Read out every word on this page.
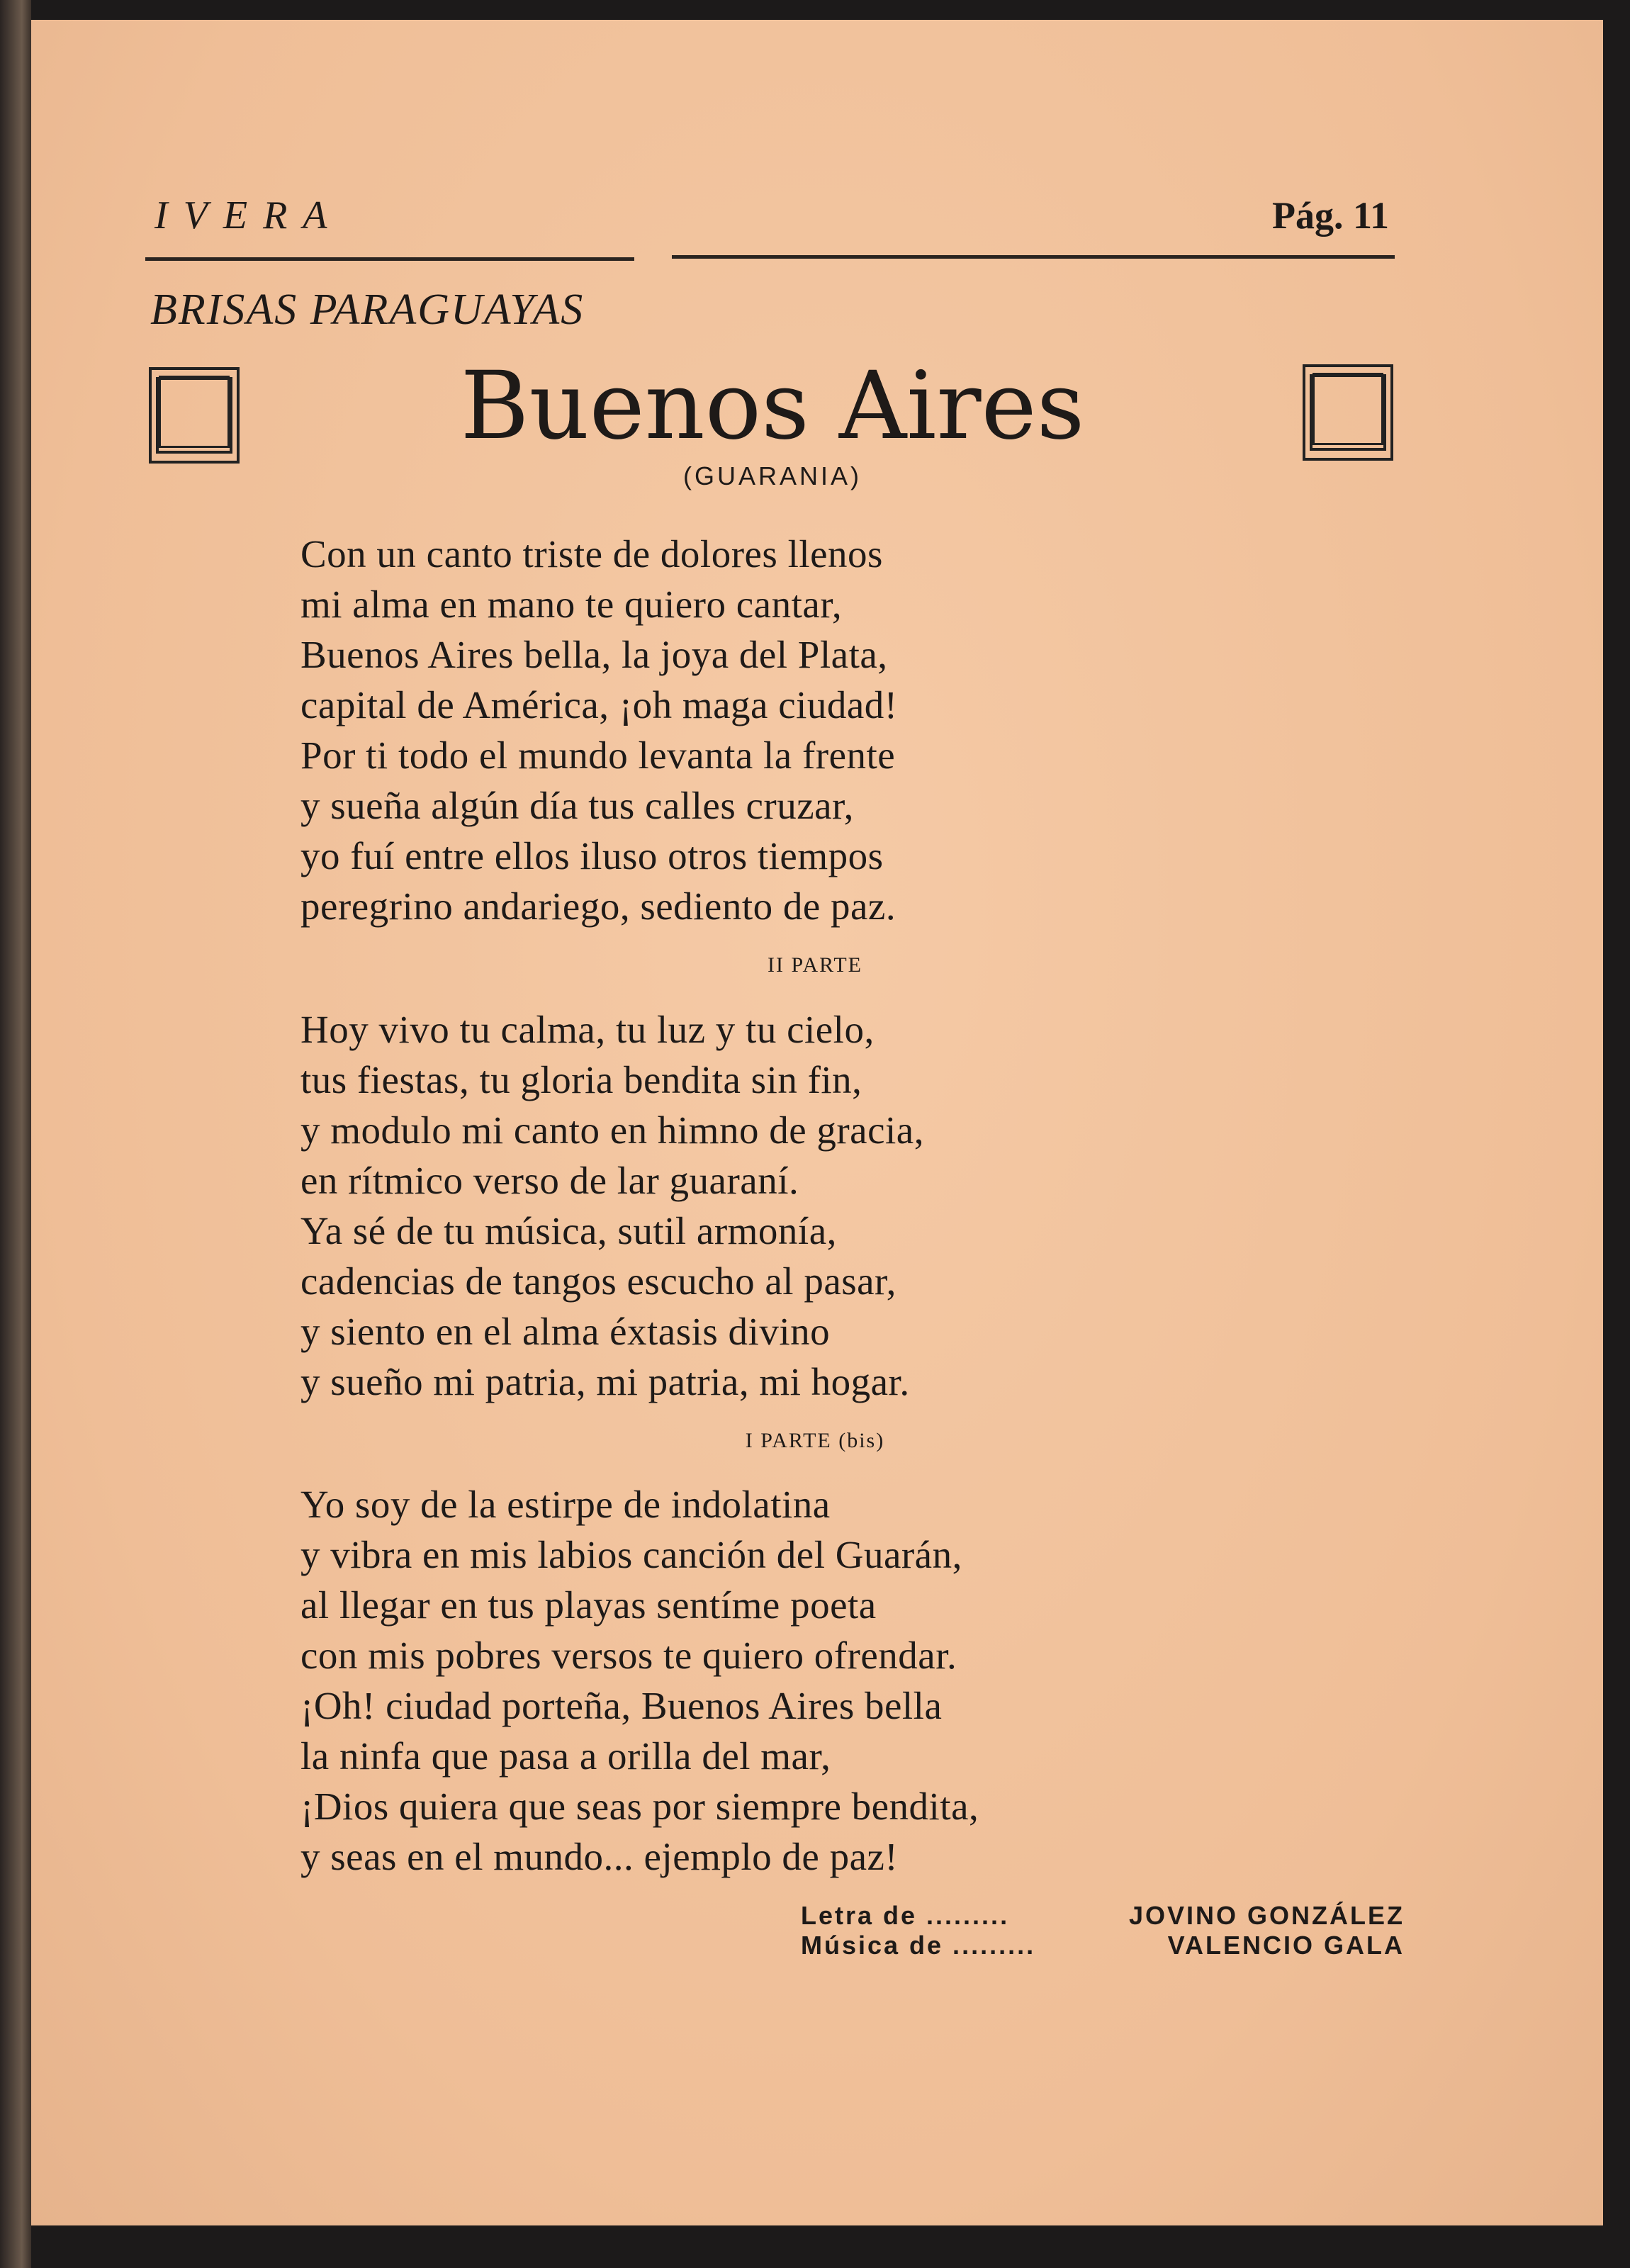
IVERA	Pág. 11
BRISAS PARAGUAYAS
Buenos Aires
(GUARANIA)
Con un canto triste de dolores llenos
mi alma en mano te quiero cantar,
Buenos Aires bella, la joya del Plata,
capital de América, ¡oh maga ciudad!
Por ti todo el mundo levanta la frente
y sueña algún día tus calles cruzar,
yo fuí entre ellos iluso otros tiempos
peregrino andariego, sediento de paz.
II PARTE
Hoy vivo tu calma, tu luz y tu cielo,
tus fiestas, tu gloria bendita sin fin,
y modulo mi canto en himno de gracia,
en rítmico verso de lar guaraní.
Ya sé de tu música, sutil armonía,
cadencias de tangos escucho al pasar,
y siento en el alma éxtasis divino
y sueño mi patria, mi patria, mi hogar.
I PARTE (bis)
Yo soy de la estirpe de indolatina
y vibra en mis labios canción del Guarán,
al llegar en tus playas sentíme poeta
con mis pobres versos te quiero ofrendar.
¡Oh! ciudad porteña, Buenos Aires bella
la ninfa que pasa a orilla del mar,
¡Dios quiera que seas por siempre bendita,
y seas en el mundo... ejemplo de paz!
Letra de .........	JOVINO GONZÁLEZ
Música de .........	VALENCIO GALA
